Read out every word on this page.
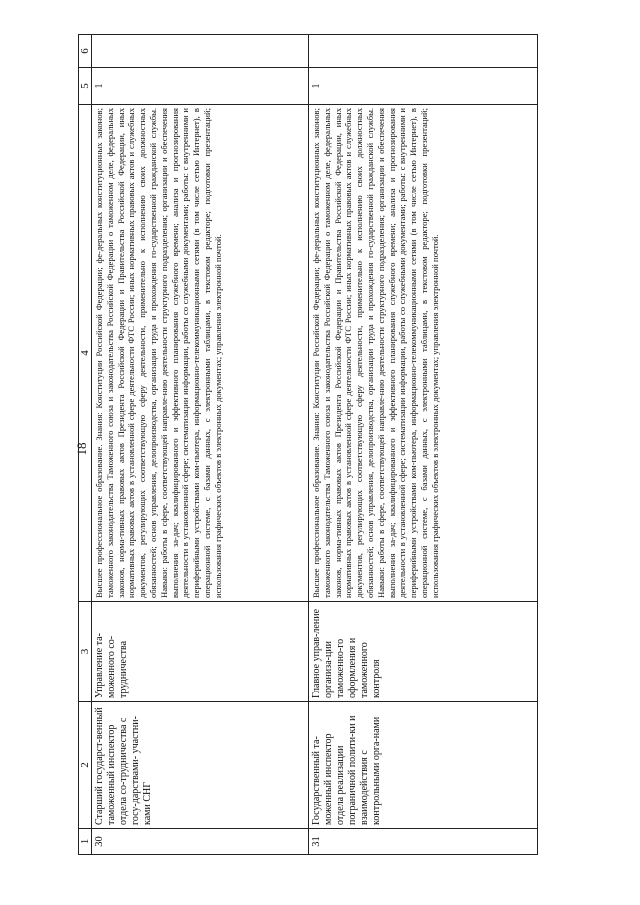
18
1	2	3	4	5	6
30	Старший государст-венный таможенный инспектор отдела со-трудничества с госу-дарствами- участни-ками СНГ	Управление та-моженного со-трудничества	Высшее профессиональное образование. Знания: Конституции Российской Федерации; фе-деральных конституционных законов; таможенного законодательства Таможенного союза и законодательства Российской Федерации о таможенном деле, федеральных законов, норма-тивных правовых актов Президента Российской Федерации и Правительства Российской Федерации, иных нормативных правовых актов в установленной сфере деятельности ФТС России; иных нормативных правовых актов и служебных документов, регулирующих соответствующую сферу деятельности, применительно к исполнению своих должностных обязанностей; основ управления, делопроизводства, организации труда и прохождения го-сударственной гражданской службы. Навыки: работы в сфере, соответствующей направле-нию деятельности структурного подразделения; организации и обеспечения выполнения за-дач; квалифицированного и эффективного планирования служебного времени; анализа и прогнозирования деятельности в установленной сфере; систематизации информации, работы со служебными документами; работы: с внутренними и периферийными устройствами ком-пьютера, информационно-телекоммуникационными сетями (в том числе сетью Интернет), в операционной системе, с базами данных, с электронными таблицами, в текстовом редакторе; подготовки презентаций; использования графических объектов в электронных документах; управления электронной почтой.	1	
31	Государственный та-моженный инспектор отдела реализации пограничной полити-ки и взаимодействия с контрольными орга-нами	Главное управ-ление организа-ции таможенно-го оформления и таможенного контроля	Высшее профессиональное образование. Знания: Конституции Российской Федерации; фе-деральных конституционных законов; таможенного законодательства Таможенного союза и законодательства Российской Федерации о таможенном деле, федеральных законов, норма-тивных правовых актов Президента Российской Федерации и Правительства Российской Федерации, иных нормативных правовых актов в установленной сфере деятельности ФТС России; иных нормативных правовых актов и служебных документов, регулирующих соответствующую сферу деятельности, применительно к исполнению своих должностных обязанностей; основ управления, делопроизводства, организации труда и прохождения го-сударственной гражданской службы. Навыки: работы в сфере, соответствующей направле-нию деятельности структурного подразделения; организации и обеспечения выполнения за-дач; квалифицированного и эффективного планирования служебного времени; анализа и прогнозирования деятельности в установленной сфере; систематизации информации, работы со служебными документами; работы: с внутренними и периферийными устройствами ком-пьютера, информационно-телекоммуникационными сетями (в том числе сетью Интернет), в операционной системе, с базами данных, с электронными таблицами, в текстовом редакторе; подготовки презентаций; использования графических объектов в электронных документах; управления электронной почтой.	1	
